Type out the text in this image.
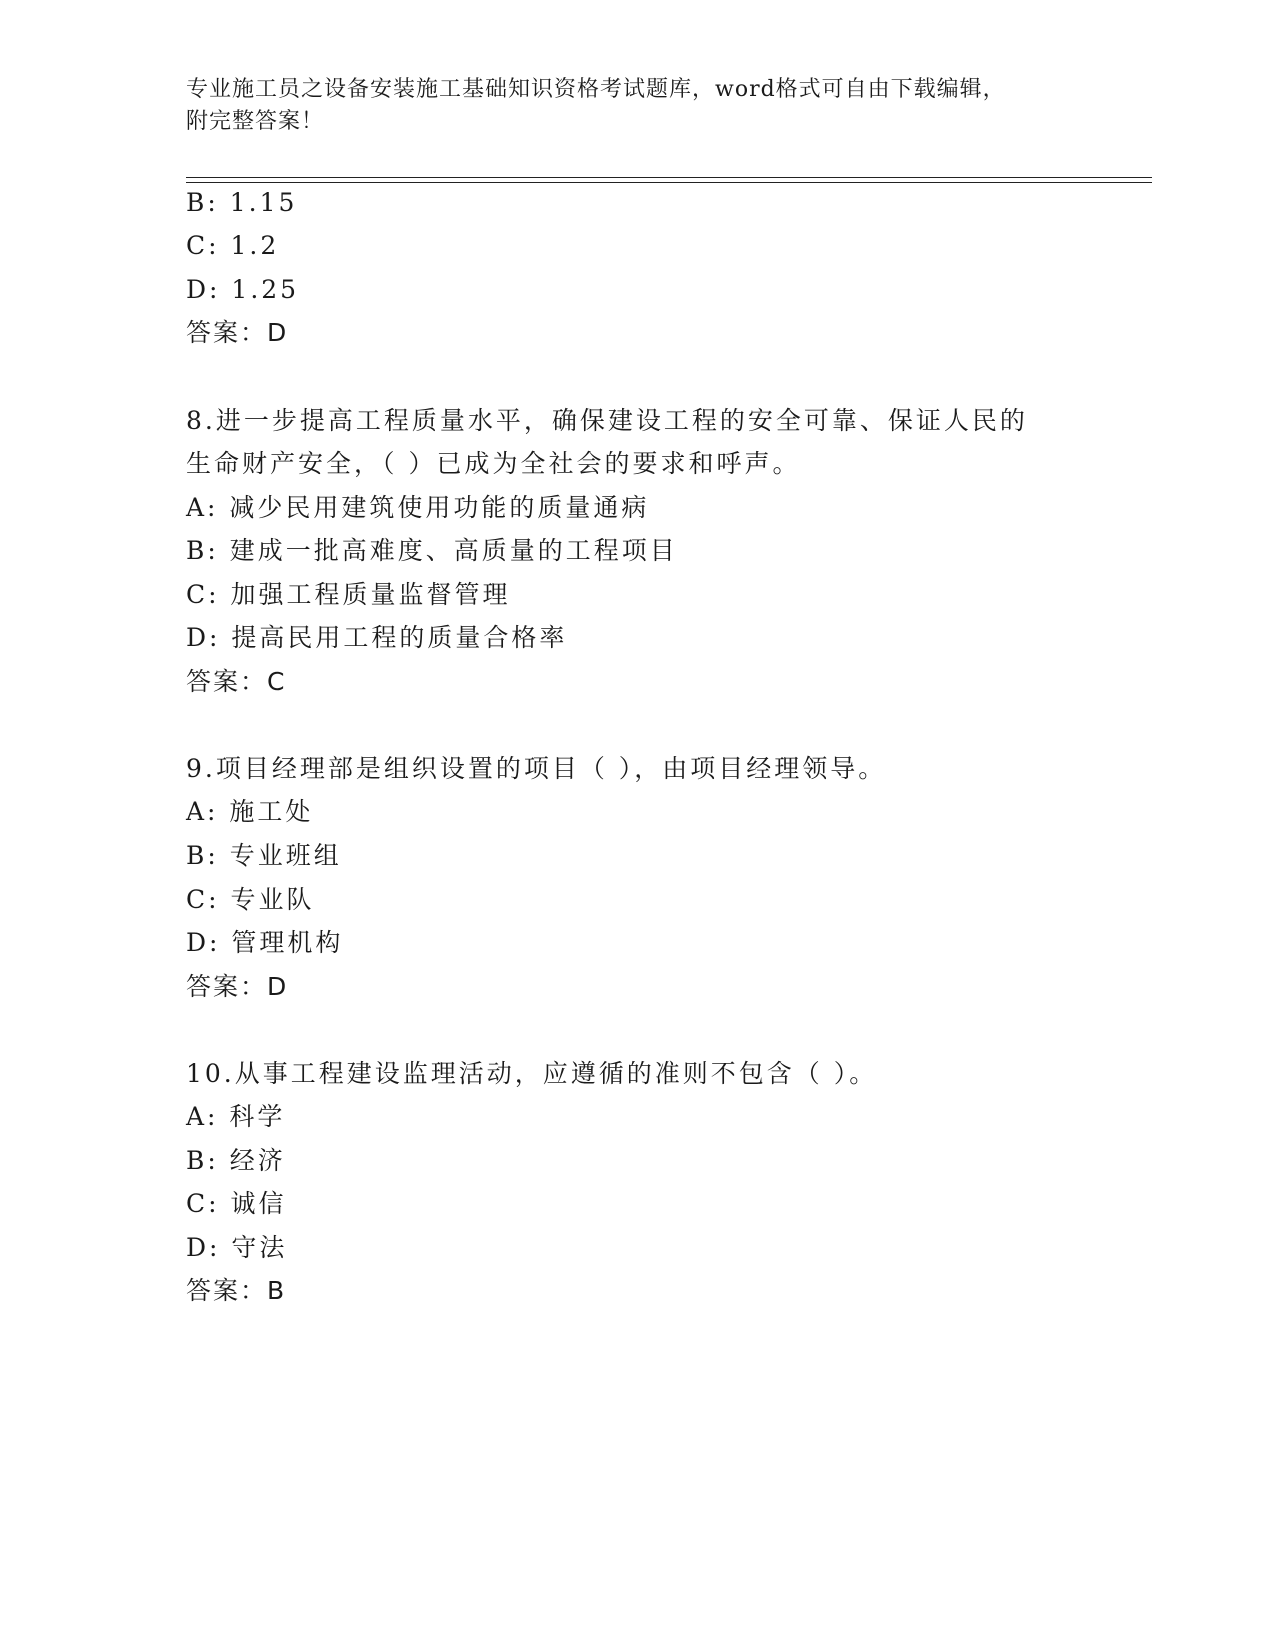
专业施工员之设备安装施工基础知识资格考试题库，word格式可自由下载编辑，
附完整答案！
B: 1.15
C: 1.2
D: 1.25
答案：D
8.进一步提高工程质量水平，确保建设工程的安全可靠、保证人民的
生命财产安全，（ ）已成为全社会的要求和呼声。
A: 减少民用建筑使用功能的质量通病
B: 建成一批高难度、高质量的工程项目
C: 加强工程质量监督管理
D: 提高民用工程的质量合格率
答案：C
9.项目经理部是组织设置的项目（ ），由项目经理领导。
A: 施工处
B: 专业班组
C: 专业队
D: 管理机构
答案：D
10.从事工程建设监理活动，应遵循的准则不包含（ ）。
A: 科学
B: 经济
C: 诚信
D: 守法
答案：B
